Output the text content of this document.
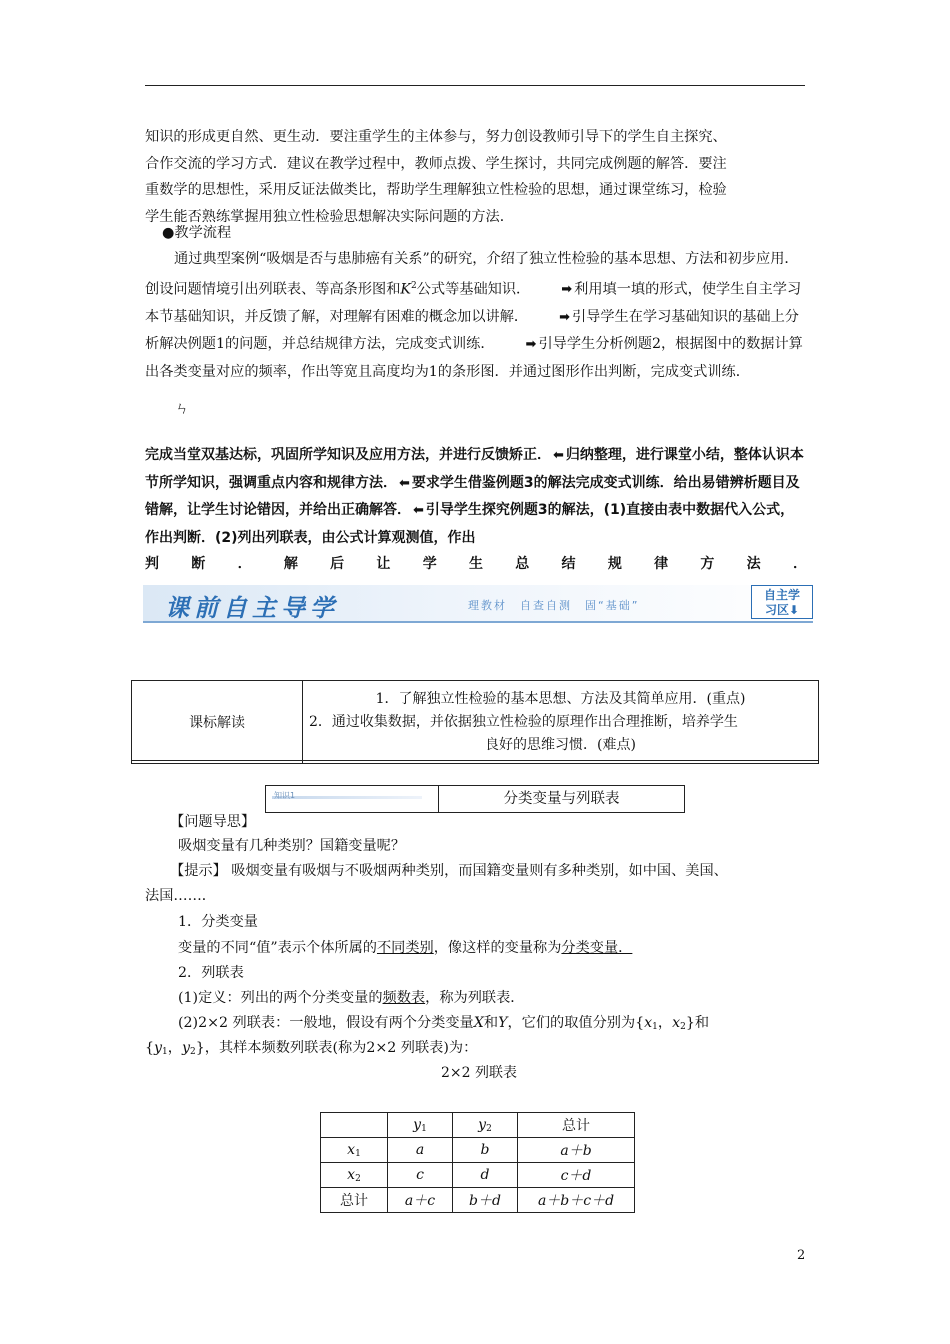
知识的形成更自然、更生动．要注重学生的主体参与，努力创设教师引导下的学生自主探究、
合作交流的学习方式．建议在教学过程中，教师点拨、学生探讨，共同完成例题的解答．要注
重数学的思想性，采用反证法做类比，帮助学生理解独立性检验的思想，通过课堂练习，检验
学生能否熟练掌握用独立性检验思想解决实际问题的方法．
●教学流程

通过典型案例“吸烟是否与患肺癌有关系”的研究，介绍了独立性检验的基本思想、方法和初步应用．创设问题情境引出列联表、等高条形图和$K^2$公式等基础知识． ➡ 利用填一填的形式，使学生自主学习本节基础知识，并反馈了解，对理解有困难的概念加以讲解． ➡ 引导学生在学习基础知识的基础上分析解决例题1的问题，并总结规律方法，完成变式训练． ➡ 引导学生分析例题2，根据图中的数据计算出各类变量对应的频率，作出等宽且高度均为1的条形图．并通过图形作出判断，完成变式训练．

ㄣ
完成当堂双基达标，巩固所学知识及应用方法，并进行反馈矫正． ⬅ 归纳整理，进行课堂小结，整体认识本节所学知识，强调重点内容和规律方法． ⬅ 要求学生借鉴例题3的解法完成变式训练．给出易错辨析题目及错解，让学生讨论错因，并给出正确解答． ⬅ 引导学生探究例题3的解法，(1)直接由表中数据代入公式，作出判断．(2)列出列联表，由公式计算观测值，作出
判 断 ． 解 后 让 学 生 总 结 规 律 方 法 ．
课前自主导学	理教材　自查自测　固“基础”
自主学
习区⬇
课标解读	
1．了解独立性检验的基本思想、方法及其简单应用．(重点)
2．通过收集数据，并依据独立性检验的原理作出合理推断，培养学生
良好的思维习惯．(难点)
知识1	分类变量与列联表
【问题导思】
吸烟变量有几种类别？国籍变量呢？
【提示】 吸烟变量有吸烟与不吸烟两种类别，而国籍变量则有多种类别，如中国、美国、
法国……．
1．分类变量
变量的不同“值”表示个体所属的不同类别，像这样的变量称为分类变量．
2．列联表
(1)定义：列出的两个分类变量的频数表，称为列联表．
(2)2×2 列联表：一般地，假设有两个分类变量X和Y，它们的取值分别为{$x_1$，$x_2$}和
{$y_1$，$y_2$}，其样本频数列联表(称为2×2 列联表)为：
2×2 列联表
	$y_1$	$y_2$	总计
$x_1$	a	b	a＋b
$x_2$	c	d	c＋d
总计	a＋c	b＋d	a＋b＋c＋d
2
